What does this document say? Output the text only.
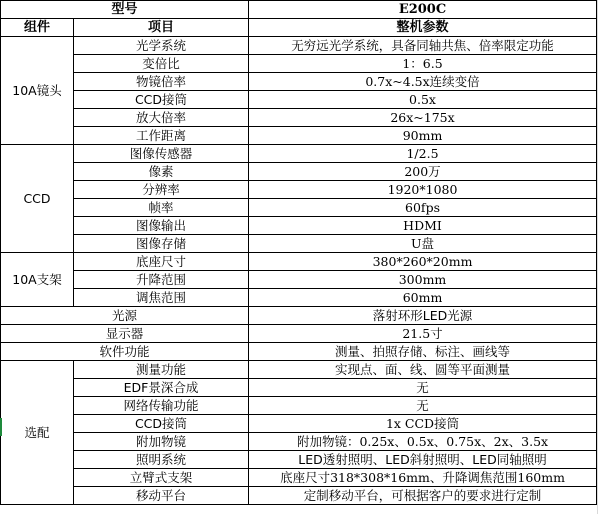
型号		E200C
组件	项目	整机参数
10A镜头	光学系统	无穷远光学系统，具备同轴共焦、倍率限定功能
	变倍比	1：6.5
	物镜倍率	0.7x~4.5x连续变倍
	CCD接筒	0.5x
	放大倍率	26x~175x
	工作距离	90mm
CCD	图像传感器	1/2.5
	像素	200万
	分辨率	1920*1080
	帧率	60fps
	图像输出	HDMI
	图像存储	U盘
10A支架	底座尺寸	380*260*20mm
	升降范围	300mm
	调焦范围	60mm
光源		落射环形LED光源
显示器		21.5寸
软件功能		测量、拍照存储、标注、画线等
选配	测量功能	实现点、面、线、圆等平面测量
	EDF景深合成	无
	网络传输功能	无
	CCD接筒	1x CCD接筒
	附加物镜	附加物镜：0.25x、0.5x、0.75x、2x、3.5x
	照明系统	LED透射照明、LED斜射照明、LED同轴照明
	立臂式支架	底座尺寸318*308*16mm、升降调焦范围160mm
	移动平台	定制移动平台，可根据客户的要求进行定制
